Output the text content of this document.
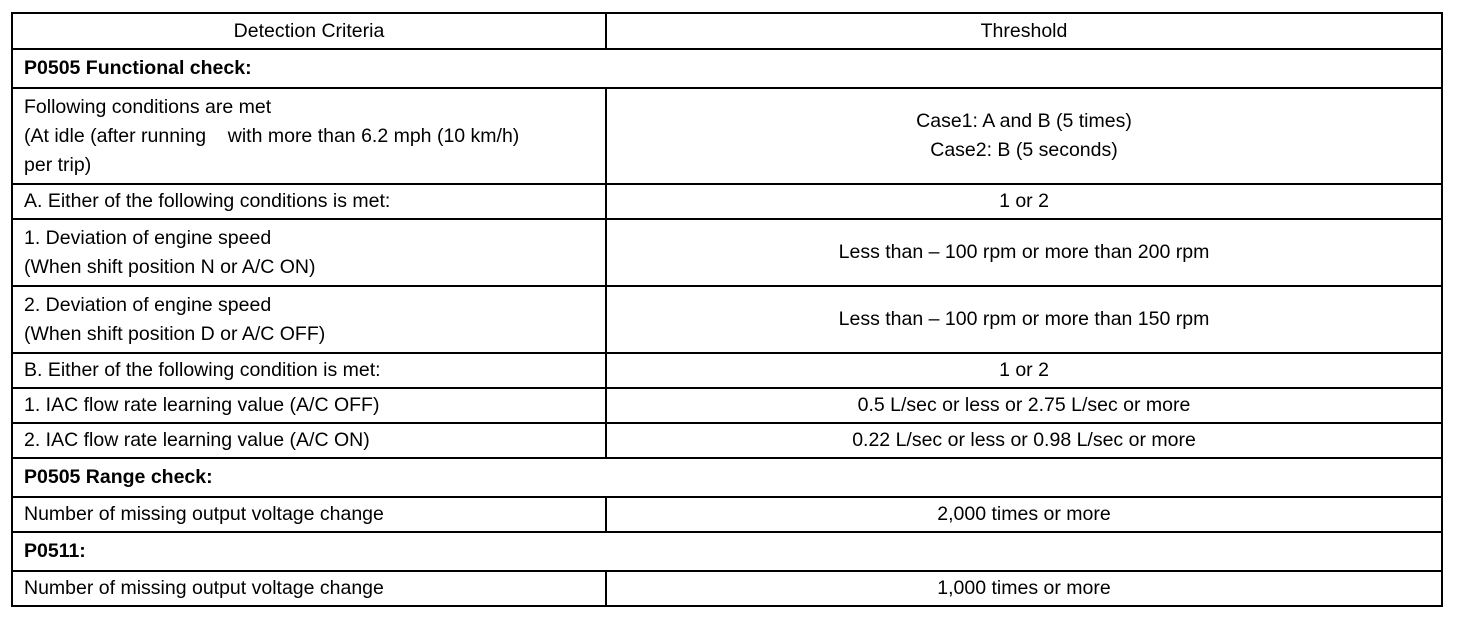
Detection Criteria	Threshold
P0505 Functional check:	

Following conditions are met
(At idle (after running    with more than 6.2 mph (10 km/h)
per trip)	Case1: A and B (5 times)
Case2: B (5 seconds)

A. Either of the following conditions is met:	1 or 2

1. Deviation of engine speed
(When shift position N or A/C ON)	Less than – 100 rpm or more than 200 rpm

2. Deviation of engine speed
(When shift position D or A/C OFF)	Less than – 100 rpm or more than 150 rpm
B. Either of the following condition is met:	1 or 2
1. IAC flow rate learning value (A/C OFF)	0.5 L/sec or less or 2.75 L/sec or more
2. IAC flow rate learning value (A/C ON)	0.22 L/sec or less or 0.98 L/sec or more
P0505 Range check:	
Number of missing output voltage change	2,000 times or more
P0511:	
Number of missing output voltage change	1,000 times or more
